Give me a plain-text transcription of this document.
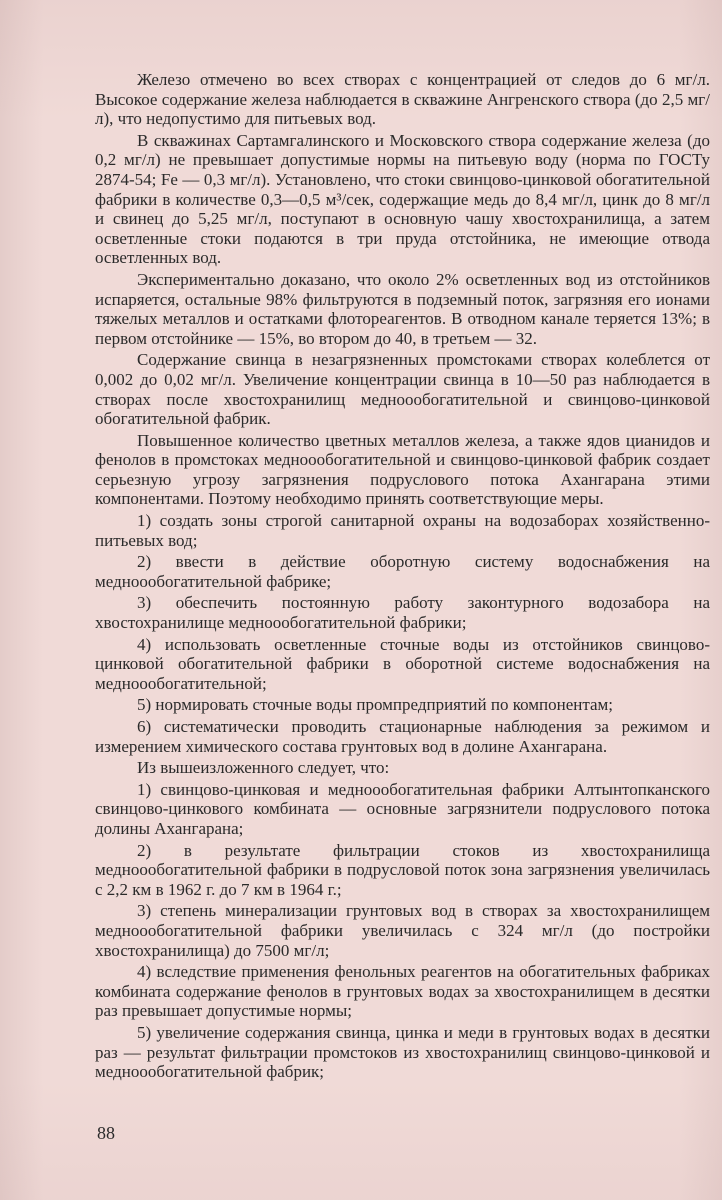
Железо отмечено во всех створах с концентрацией от следов до 6 мг/л. Высокое содержание железа наблюдается в скважине Ангренского створа (до 2,5 мг/л), что недопустимо для питьевых вод.

В скважинах Сартамгалинского и Московского створа содержание железа (до 0,2 мг/л) не превышает допустимые нормы на питьевую воду (норма по ГОСТу 2874-54; Fe — 0,3 мг/л). Установлено, что стоки свинцово-цинковой обогатительной фабрики в количестве 0,3—0,5 м³/сек, содержащие медь до 8,4 мг/л, цинк до 8 мг/л и свинец до 5,25 мг/л, поступают в основную чашу хвостохранилища, а затем осветленные стоки подаются в три пруда отстойника, не имеющие отвода осветленных вод.

Экспериментально доказано, что около 2% осветленных вод из отстойников испаряется, остальные 98% фильтруются в подземный поток, загрязняя его ионами тяжелых металлов и остатками флотореагентов. В отводном канале теряется 13%; в первом отстойнике — 15%, во втором до 40, в третьем — 32.

Содержание свинца в незагрязненных промстоками створах колеблется от 0,002 до 0,02 мг/л. Увеличение концентрации свинца в 10—50 раз наблюдается в створах после хвостохранилищ медноообогатительной и свинцово-цинковой обогатительной фабрик.

Повышенное количество цветных металлов железа, а также ядов цианидов и фенолов в промстоках медноообогатительной и свинцово-цинковой фабрик создает серьезную угрозу загрязнения подруслового потока Ахангарана этими компонентами. Поэтому необходимо принять соответствующие меры.

1) создать зоны строгой санитарной охраны на водозаборах хозяйственно-питьевых вод;

2) ввести в действие оборотную систему водоснабжения на медноообогатительной фабрике;

3) обеспечить постоянную работу законтурного водозабора на хвостохранилище медноообогатительной фабрики;

4) использовать осветленные сточные воды из отстойников свинцово-цинковой обогатительной фабрики в оборотной системе водоснабжения на медноообогатительной;

5) нормировать сточные воды промпредприятий по компонентам;

6) систематически проводить стационарные наблюдения за режимом и измерением химического состава грунтовых вод в долине Ахангарана.

Из вышеизложенного следует, что:

1) свинцово-цинковая и медноообогатительная фабрики Алтынтопканского свинцово-цинкового комбината — основные загрязнители подруслового потока долины Ахангарана;

2) в результате фильтрации стоков из хвостохранилища медноообогатительной фабрики в подрусловой поток зона загрязнения увеличилась с 2,2 км в 1962 г. до 7 км в 1964 г.;

3) степень минерализации грунтовых вод в створах за хвостохранилищем медноообогатительной фабрики увеличилась с 324 мг/л (до постройки хвостохранилища) до 7500 мг/л;

4) вследствие применения фенольных реагентов на обогатительных фабриках комбината содержание фенолов в грунтовых водах за хвостохранилищем в десятки раз превышает допустимые нормы;

5) увеличение содержания свинца, цинка и меди в грунтовых водах в десятки раз — результат фильтрации промстоков из хвостохранилищ свинцово-цинковой и медноообогатительной фабрик;

88
